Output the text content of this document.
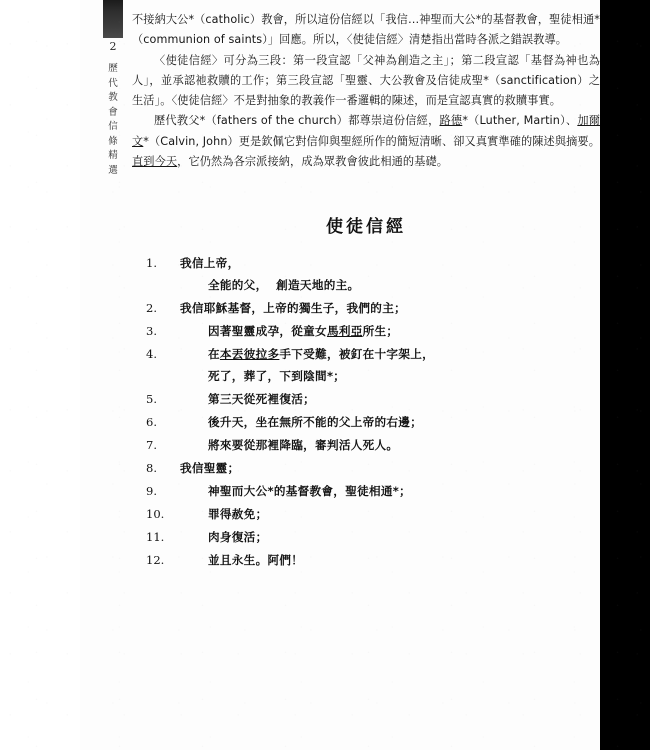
2
歷
代
教
會
信
條
精
選

不接納大公*（catholic）教會，所以這份信經以「我信…神聖而大公*的基督教會，聖徒相通*（communion of saints）」回應。所以，〈使徒信經〉清楚指出當時各派之錯誤教導。

〈使徒信經〉可分為三段：第一段宣認「父神為創造之主」；第二段宣認「基督為神也為人」，並承認祂救贖的工作；第三段宣認「聖靈、大公教會及信徒成聖*（sanctification）之生活」。〈使徒信經〉不是對抽象的教義作一番邏輯的陳述，而是宣認真實的救贖事實。

歷代教父*（fathers of the church）都尊崇這份信經，路德*（Luther, Martin）、加爾文*（Calvin, John）更是欽佩它對信仰與聖經所作的簡短清晰、卻又真實準確的陳述與摘要。直到今天，它仍然為各宗派接納，成為眾教會彼此相通的基礎。

使徒信經
1.	我信上帝，
全能的父，  創造天地的主。
2.	我信耶穌基督，上帝的獨生子，我們的主；
3.	因著聖靈成孕，從童女馬利亞所生；
4.	在本丟彼拉多手下受難，被釘在十字架上，
死了，葬了，下到陰間*；
5.	第三天從死裡復活；
6.	後升天，坐在無所不能的父上帝的右邊；
7.	將來要從那裡降臨，審判活人死人。
8.	我信聖靈；
9.	神聖而大公*的基督教會，聖徒相通*；
10.	罪得赦免；
11.	肉身復活；
12.	並且永生。阿們！
